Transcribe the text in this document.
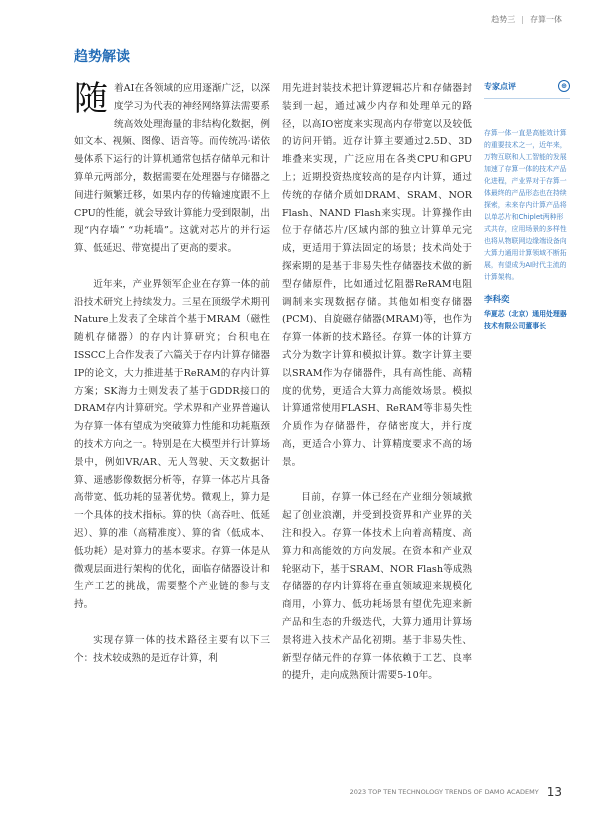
趋势三 | 存算一体
趋势解读

随着AI在各领域的应用逐渐广泛，以深度学习为代表的神经网络算法需要系统高效处理海量的非结构化数据，例如文本、视频、图像、语音等。而传统冯·诺依曼体系下运行的计算机通常包括存储单元和计算单元两部分，数据需要在处理器与存储器之间进行频繁迁移，如果内存的传输速度跟不上CPU的性能，就会导致计算能力受到限制，出现“内存墙” “功耗墙”。这就对芯片的并行运算、低延迟、带宽提出了更高的要求。

近年来，产业界领军企业在存算一体的前沿技术研究上持续发力。三星在顶级学术期刊Nature上发表了全球首个基于MRAM（磁性随机存储器）的存内计算研究；台积电在ISSCC上合作发表了六篇关于存内计算存储器IP的论文，大力推进基于ReRAM的存内计算方案；SK海力士则发表了基于GDDR接口的DRAM存内计算研究。学术界和产业界普遍认为存算一体有望成为突破算力性能和功耗瓶颈的技术方向之一。特别是在大模型并行计算场景中，例如VR/AR、无人驾驶、天文数据计算、遥感影像数据分析等，存算一体芯片具备高带宽、低功耗的显著优势。微观上，算力是一个具体的技术指标。算的快（高吞吐、低延迟）、算的准（高精准度）、算的省（低成本、低功耗）是对算力的基本要求。存算一体是从微观层面进行架构的优化，面临存储器设计和生产工艺的挑战，需要整个产业链的参与支持。

实现存算一体的技术路径主要有以下三个：技术较成熟的是近存计算，利

用先进封装技术把计算逻辑芯片和存储器封装到一起，通过减少内存和处理单元的路径，以高IO密度来实现高内存带宽以及较低的访问开销。近存计算主要通过2.5D、3D堆叠来实现，广泛应用在各类CPU和GPU上；近期投资热度较高的是存内计算，通过传统的存储介质如DRAM、SRAM、NOR Flash、NAND Flash来实现。计算操作由位于存储芯片/区域内部的独立计算单元完成，更适用于算法固定的场景；技术尚处于探索期的是基于非易失性存储器技术做的新型存储原件，比如通过忆阻器ReRAM电阻调制来实现数据存储。其他如相变存储器(PCM)、自旋磁存储器(MRAM)等，也作为存算一体新的技术路径。存算一体的计算方式分为数字计算和模拟计算。数字计算主要以SRAM作为存储器件，具有高性能、高精度的优势，更适合大算力高能效场景。模拟计算通常使用FLASH、ReRAM等非易失性介质作为存储器件，存储密度大，并行度高，更适合小算力、计算精度要求不高的场景。

目前，存算一体已经在产业细分领域掀起了创业浪潮，并受到投资界和产业界的关注和投入。存算一体技术上向着高精度、高算力和高能效的方向发展。在资本和产业双轮驱动下，基于SRAM、NOR Flash等成熟存储器的存内计算将在垂直领域迎来规模化商用，小算力、低功耗场景有望优先迎来新产品和生态的升级迭代，大算力通用计算场景将进入技术产品化初期。基于非易失性、新型存储元件的存算一体依赖于工艺、良率的提升，走向成熟预计需要5-10年。

专家点评	⊕
存算一体一直是高能效计算的重要技术之一，近年来，万物互联和人工智能的发展加速了存算一体的技术产品化进程，产业界对于存算一体最终的产品形态也在持续探索，未来存内计算产品将以单芯片和Chiplet两种形式共存，应用场景的多样性也将从物联网边缘端设备向大算力通用计算领域不断拓展，有望成为AI时代主流的计算架构。
李科奕
华夏芯（北京）通用处理器技术有限公司董事长
2023 TOP TEN TECHNOLOGY TRENDS OF DAMO ACADEMY 13
